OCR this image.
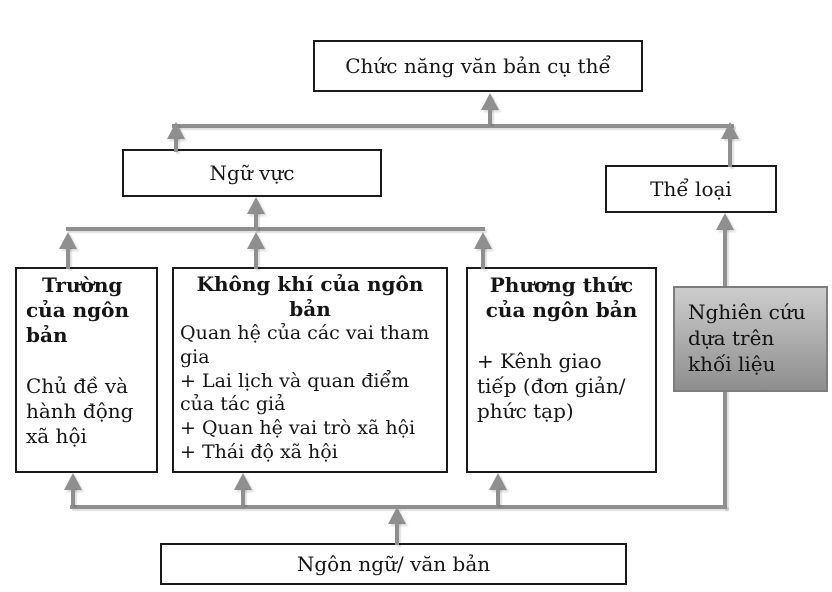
Chức năng văn bản cụ thể
Ngữ vực
Thể loại
Trường của ngôn bản
Chủ đề và hành động xã hội
Không khí của ngôn bản
Quan hệ của các vai tham gia
+ Lai lịch và quan điểm của tác giả
+ Quan hệ vai trò xã hội
+ Thái độ xã hội
Phương thức của ngôn bản
+ Kênh giao tiếp (đơn giản/ phức tạp)
Nghiên cứu dựa trên khối liệu
Ngôn ngữ/ văn bản
